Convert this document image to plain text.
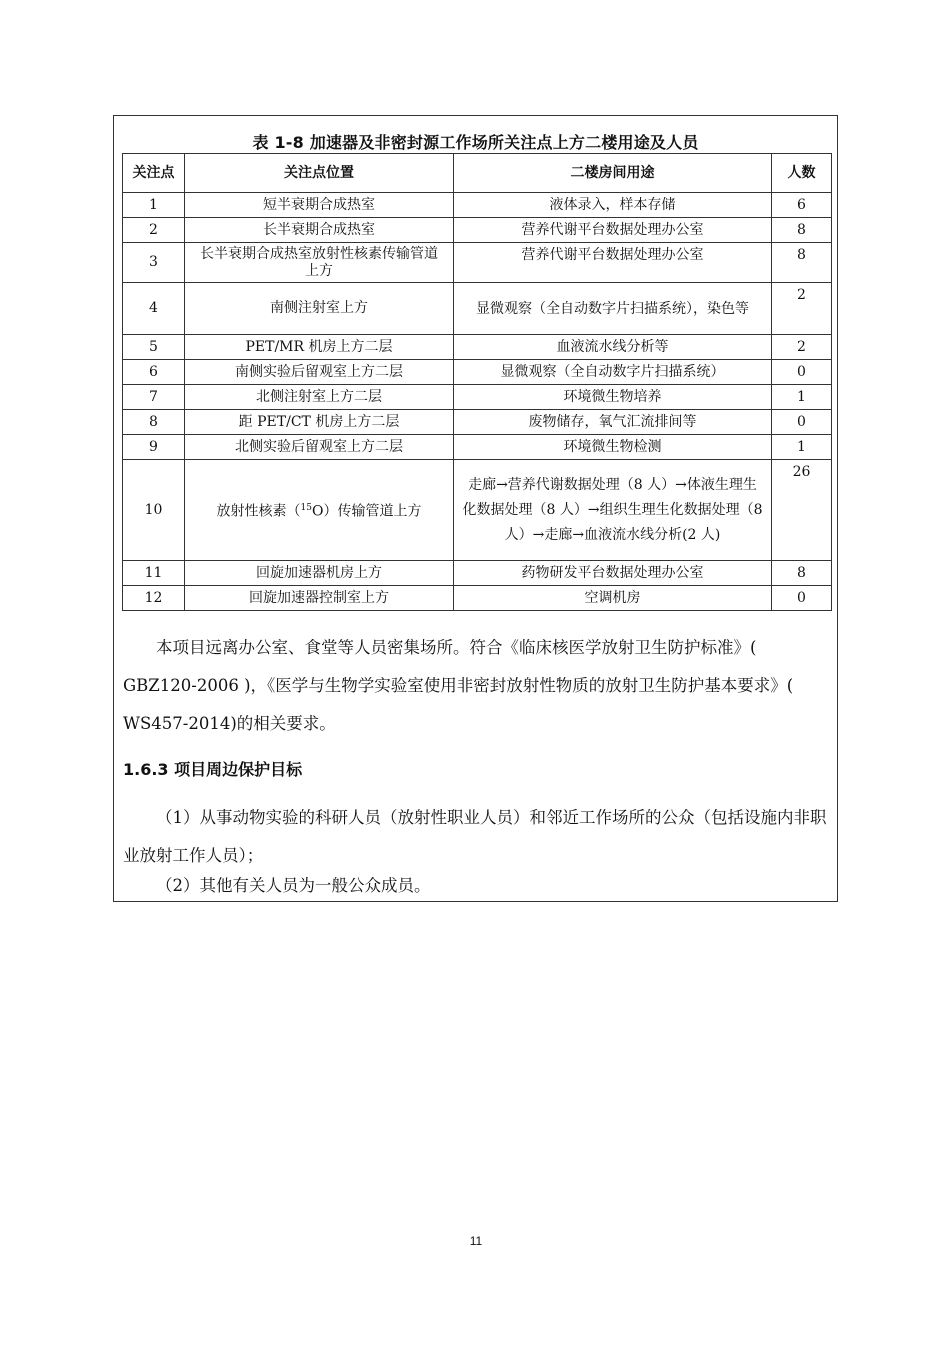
表 1-8 加速器及非密封源工作场所关注点上方二楼用途及人员
关注点	关注点位置	二楼房间用途	人数
1	短半衰期合成热室	液体录入，样本存储	6
2	长半衰期合成热室	营养代谢平台数据处理办公室	8
3	长半衰期合成热室放射性核素传输管道上方	营养代谢平台数据处理办公室	8
4	南侧注射室上方	显微观察（全自动数字片扫描系统），染色等	2
5	PET/MR 机房上方二层	血液流水线分析等	2
6	南侧实验后留观室上方二层	显微观察（全自动数字片扫描系统）	0
7	北侧注射室上方二层	环境微生物培养	1
8	距 PET/CT 机房上方二层	废物储存，氧气汇流排间等	0
9	北侧实验后留观室上方二层	环境微生物检测	1
10	放射性核素（$^{15}$O）传输管道上方	走廊→营养代谢数据处理（8 人）→体液生理生化数据处理（8 人）→组织生理生化数据处理（8 人）→走廊→血液流水线分析(2 人)	26
11	回旋加速器机房上方	药物研发平台数据处理办公室	8
12	回旋加速器控制室上方	空调机房	0
本项目远离办公室、食堂等人员密集场所。符合《临床核医学放射卫生防护标准》( GBZ120-2006 )，《医学与生物学实验室使用非密封放射性物质的放射卫生防护基本要求》( WS457-2014)的相关要求。
1.6.3 项目周边保护目标
（1）从事动物实验的科研人员（放射性职业人员）和邻近工作场所的公众（包括设施内非职业放射工作人员）；
（2）其他有关人员为一般公众成员。
11
